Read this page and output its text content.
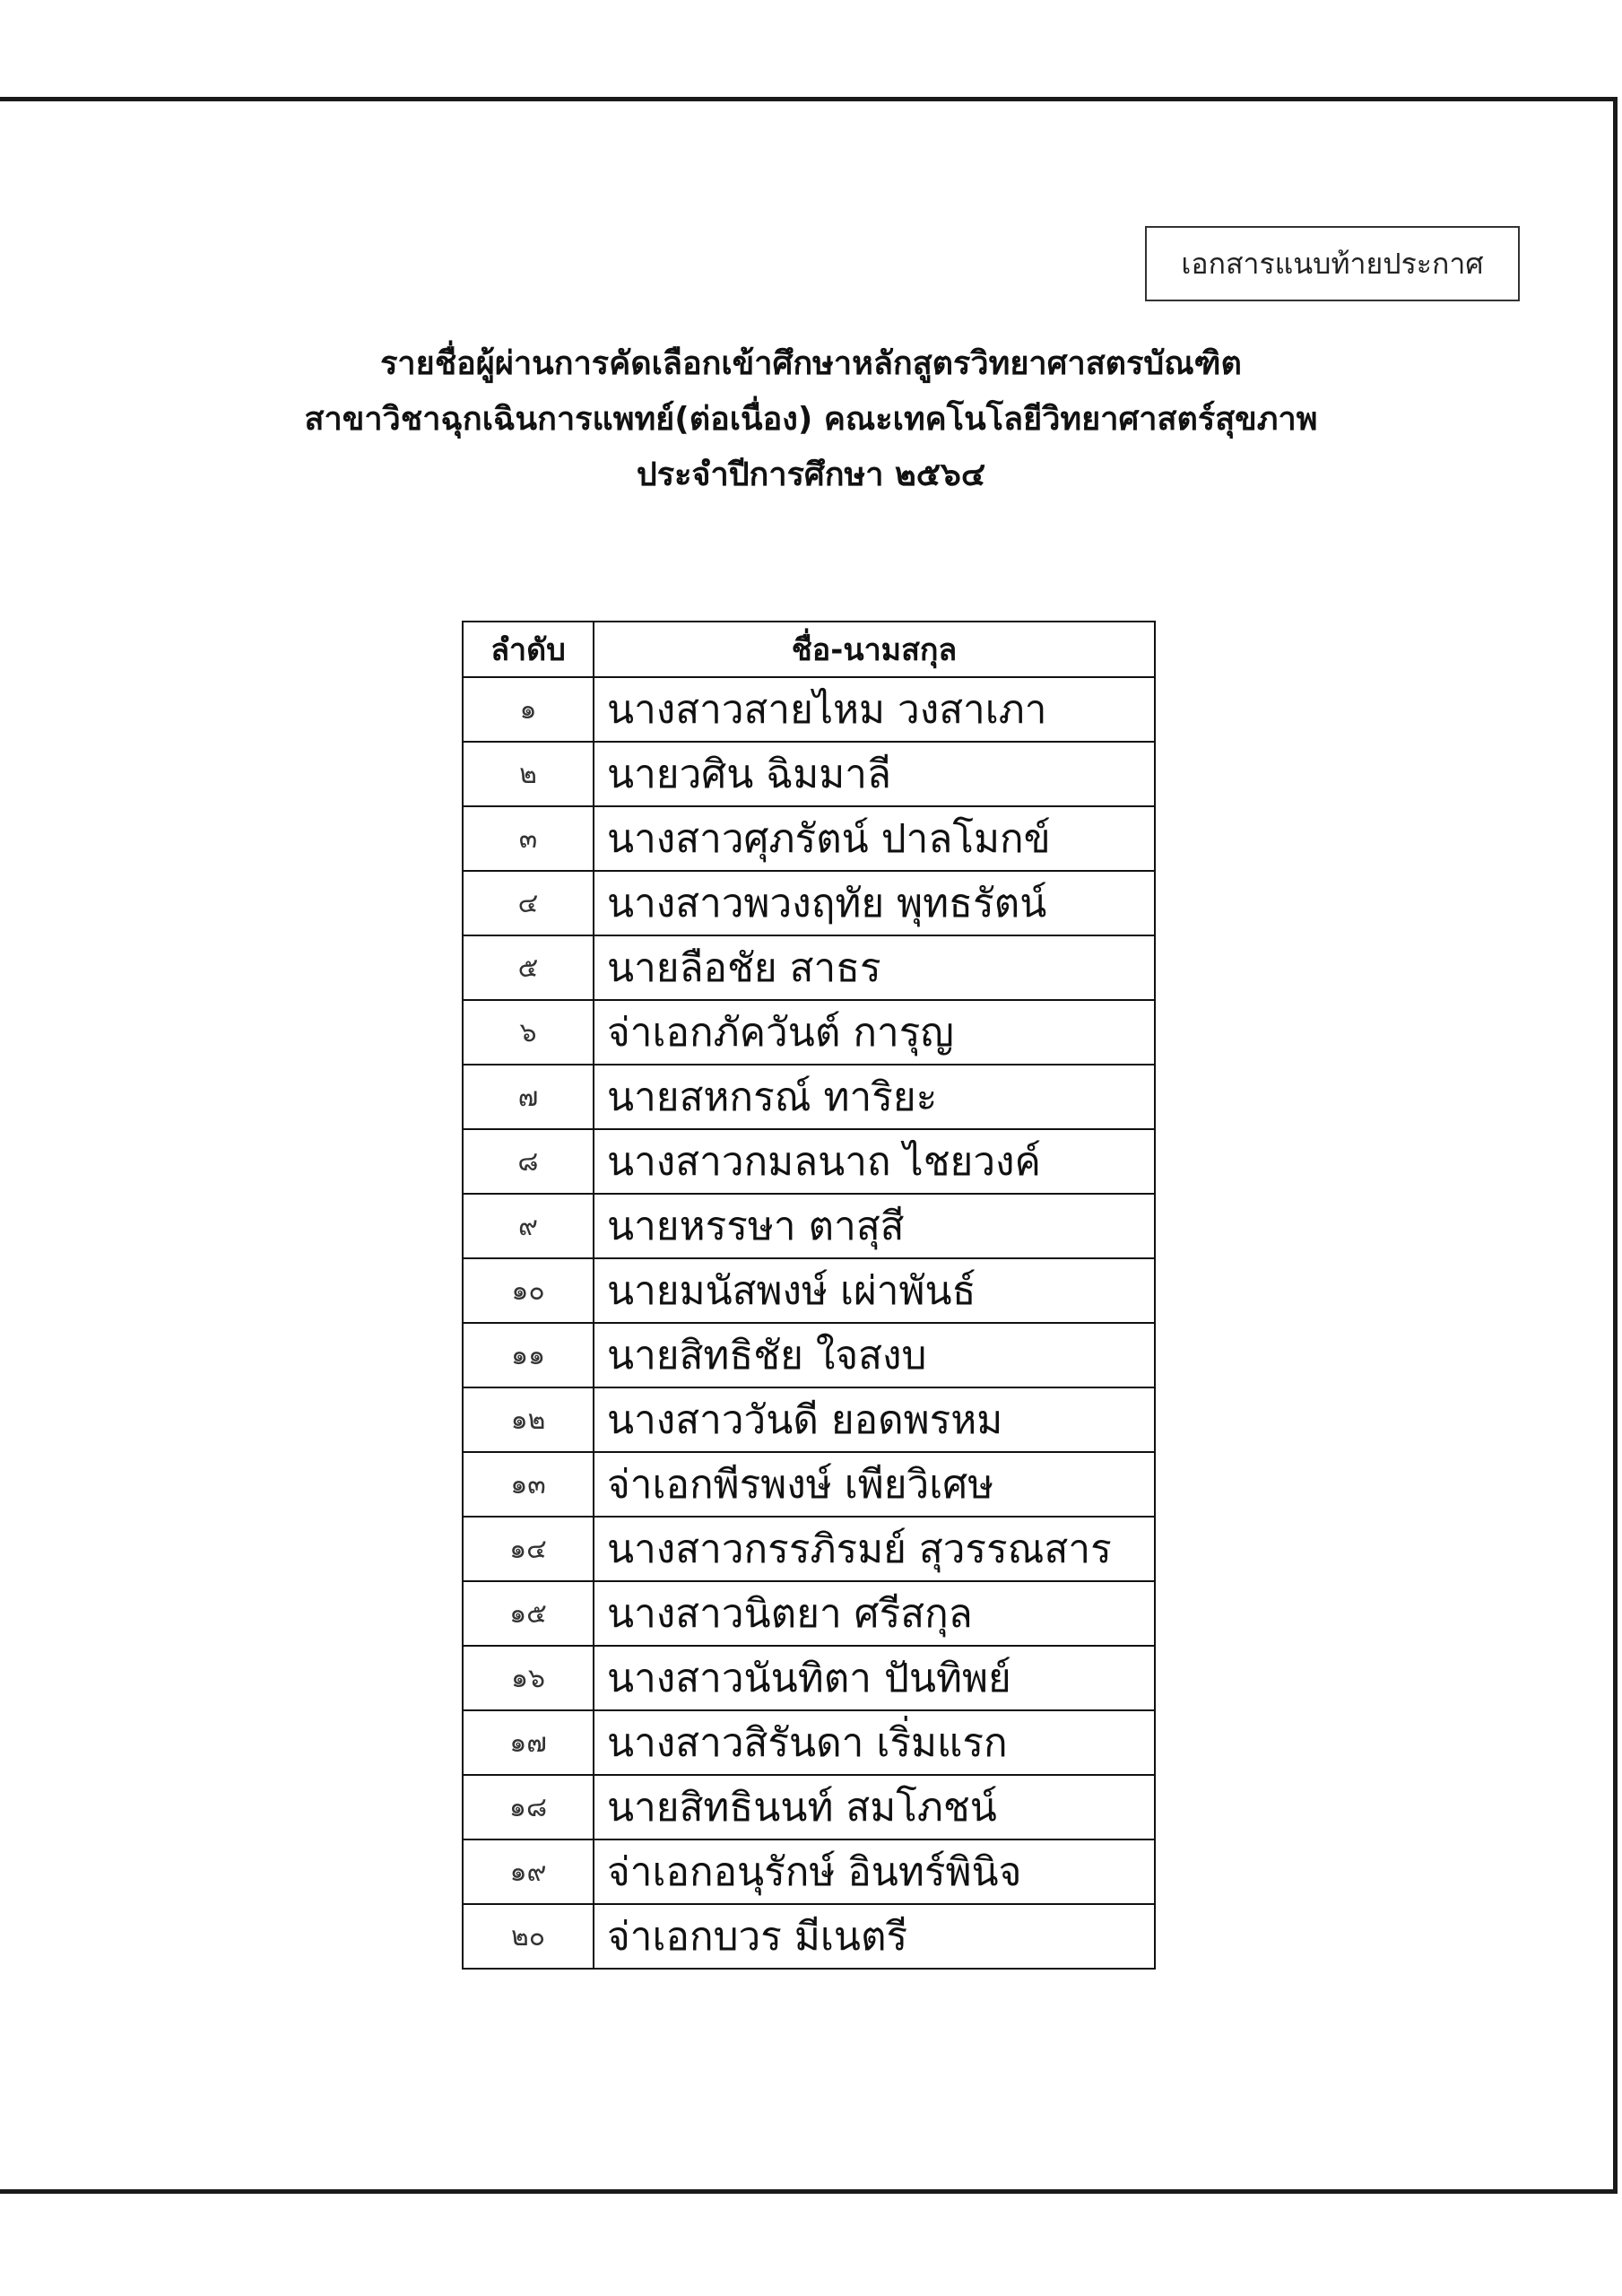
เอกสารแนบท้ายประกาศ
รายชื่อผู้ผ่านการคัดเลือกเข้าศึกษาหลักสูตรวิทยาศาสตรบัณฑิต
สาขาวิชาฉุกเฉินการแพทย์(ต่อเนื่อง) คณะเทคโนโลยีวิทยาศาสตร์สุขภาพ
ประจำปีการศึกษา ๒๕๖๔
ลำดับ	ชื่อ-นามสกุล
๑	นางสาวสายไหม วงสาเภา
๒	นายวศิน ฉิมมาลี
๓	นางสาวศุภรัตน์ ปาลโมกข์
๔	นางสาวพวงฤทัย พุทธรัตน์
๕	นายลือชัย สาธร
๖	จ่าเอกภัควันต์ การุญ
๗	นายสหกรณ์ ทาริยะ
๘	นางสาวกมลนาถ ไชยวงค์
๙	นายหรรษา ตาสุสี
๑๐	นายมนัสพงษ์ เผ่าพันธ์
๑๑	นายสิทธิชัย ใจสงบ
๑๒	นางสาววันดี ยอดพรหม
๑๓	จ่าเอกพีรพงษ์ เพียวิเศษ
๑๔	นางสาวกรรภิรมย์ สุวรรณสาร
๑๕	นางสาวนิตยา ศรีสกุล
๑๖	นางสาวนันทิตา ปันทิพย์
๑๗	นางสาวสิรันดา เริ่มแรก
๑๘	นายสิทธินนท์ สมโภชน์
๑๙	จ่าเอกอนุรักษ์ อินทร์พินิจ
๒๐	จ่าเอกบวร มีเนตรี
